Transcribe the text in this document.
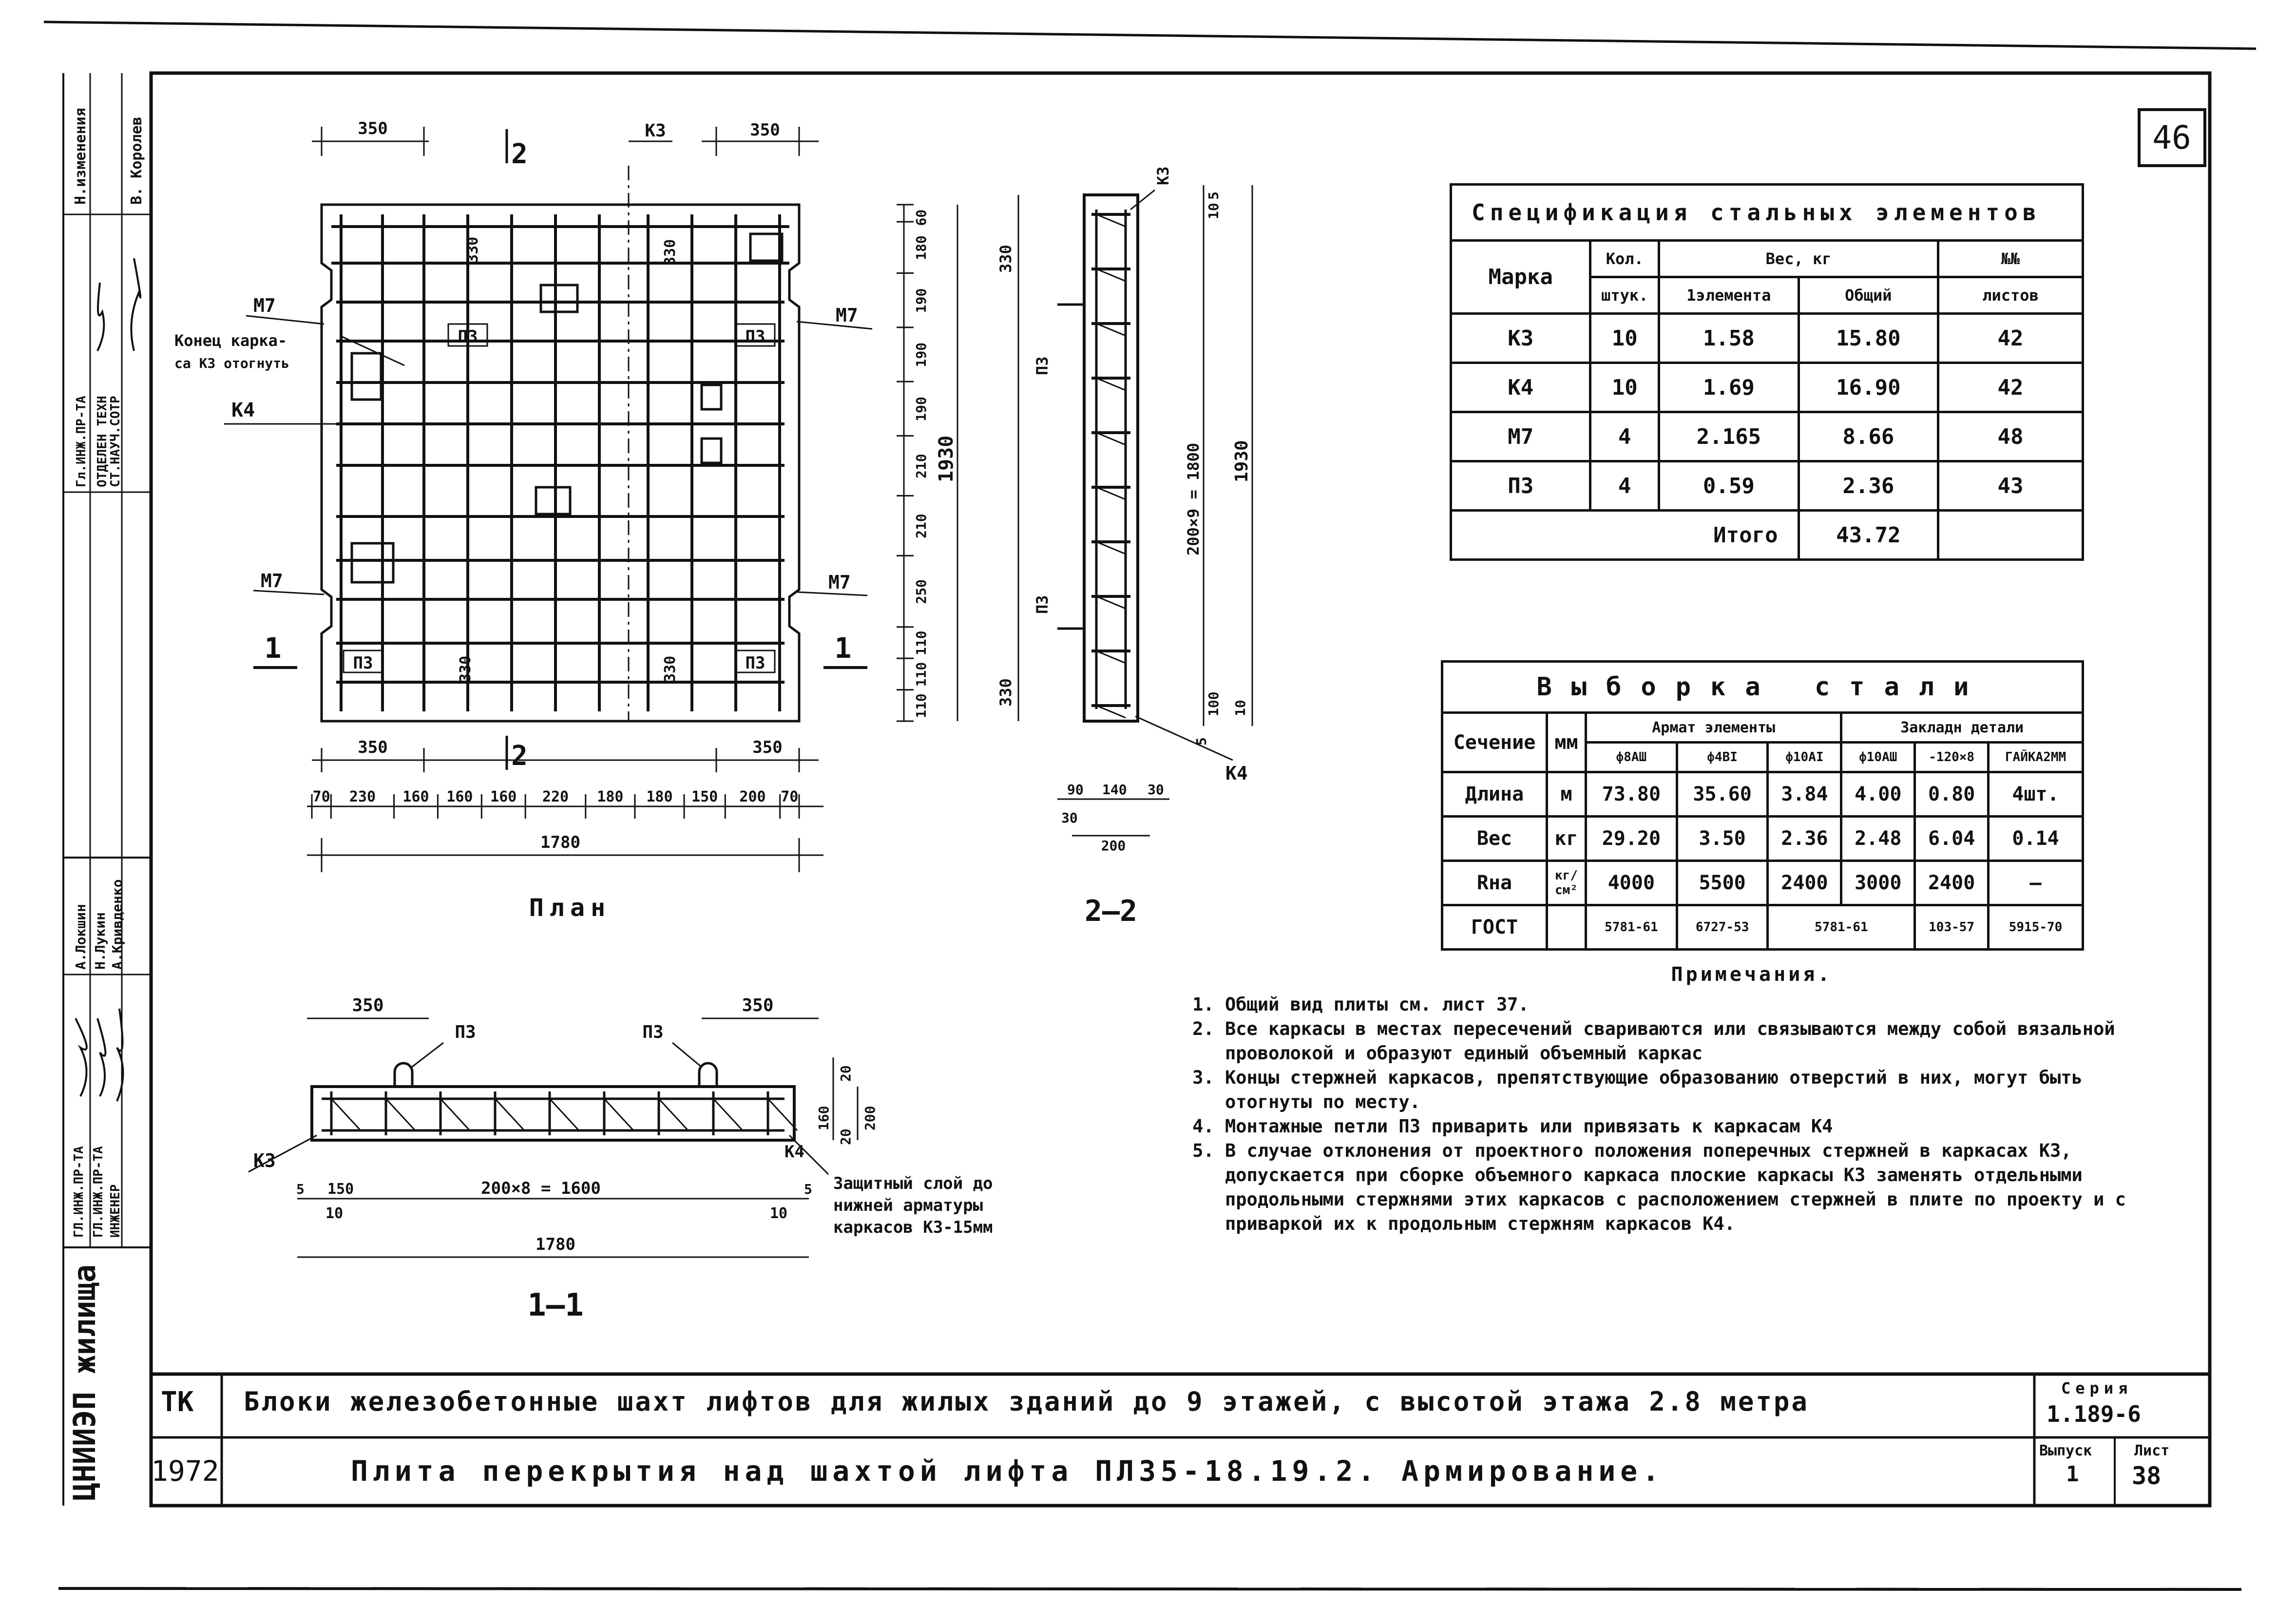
46
Н.изменения	В. Королев
Гл.ИНЖ.ПР-ТА ОТДЕЛЕН ТЕХН
СТ.НАУЧ.СОТР
ГЛ.ИНЖ.ПР-ТА ГЛ.ИНЖ.ПР-ТА ИНЖЕНЕР
А.Локшин Н.Лукин А.Кривденко
ЦНИИЭП жилища
350	350
К3
2
2
М7	М7
М7	М7
Конец карка-
са К3 отогнуть
К4
П3	П3
П3	П3
330	330
330	330
1	1
60
180
190
190
190
210
210
250
110
110
110
1930
350	350
70 230 160 160 160 220 180 180 150 200 70
1780
План
К3
330
П3
П3
330
10
5
200×9 = 1800 1930
100 10
5
К4
90 140 30
30
200
2—2
350	350
П3	П3
К3	К4
Защитный слой до
нижней арматуры
каркасов К3-15мм
20
160
20
200
5 150
10
200×8 = 1600	5
10
1780
1—1
Спецификация стальных элементов				
Марка	Кол.	Вес, кг		№№
	штук.	1элемента	Общий	листов
К3	10	1.58	15.80	42
К4	10	1.69	16.90	42
М7	4	2.165	8.66	48
П3	4	0.59	2.36	43
Итого			43.72	
Выборка стали							
Сечение	мм	Армат элементы			Закладн детали		
		ф8АШ	ф4ВI	ф10АI	ф10АШ	-120×8	ГАЙКА2ММ
Длина	м	73.80	35.60	3.84	4.00	0.80	4шт.
Вес	кг	29.20	3.50	2.36	2.48	6.04	0.14
Rна	кг/см²	4000	5500	2400	3000	2400	—
ГОСТ		5781-61	6727-53	5781-61		103-57	5915-70
Примечания.
1. Общий вид плиты см. лист 37.
2. Все каркасы в местах пересечений свариваются или связываются между собой вязальной проволокой и образуют единый объемный каркас
3. Концы стержней каркасов, препятствующие образованию отверстий в них, могут быть отогнуты по месту.
4. Монтажные петли П3 приварить или привязать к каркасам К4
5. В случае отклонения от проектного положения поперечных стержней в каркасах К3, допускается при сборке объемного каркаса плоские каркасы К3 заменять отдельными продольными стержнями этих каркасов с расположением стержней в плите по проекту и с приваркой их к продольным стержням каркасов К4.
ТК
1972
Блоки железобетонные шахт лифтов для жилых зданий до 9 этажей, с высотой этажа 2.8 метра
Плита перекрытия над шахтой лифта ПЛ35-18.19.2. Армирование.
Серия
1.189-6
Выпуск
1
Лист
38
